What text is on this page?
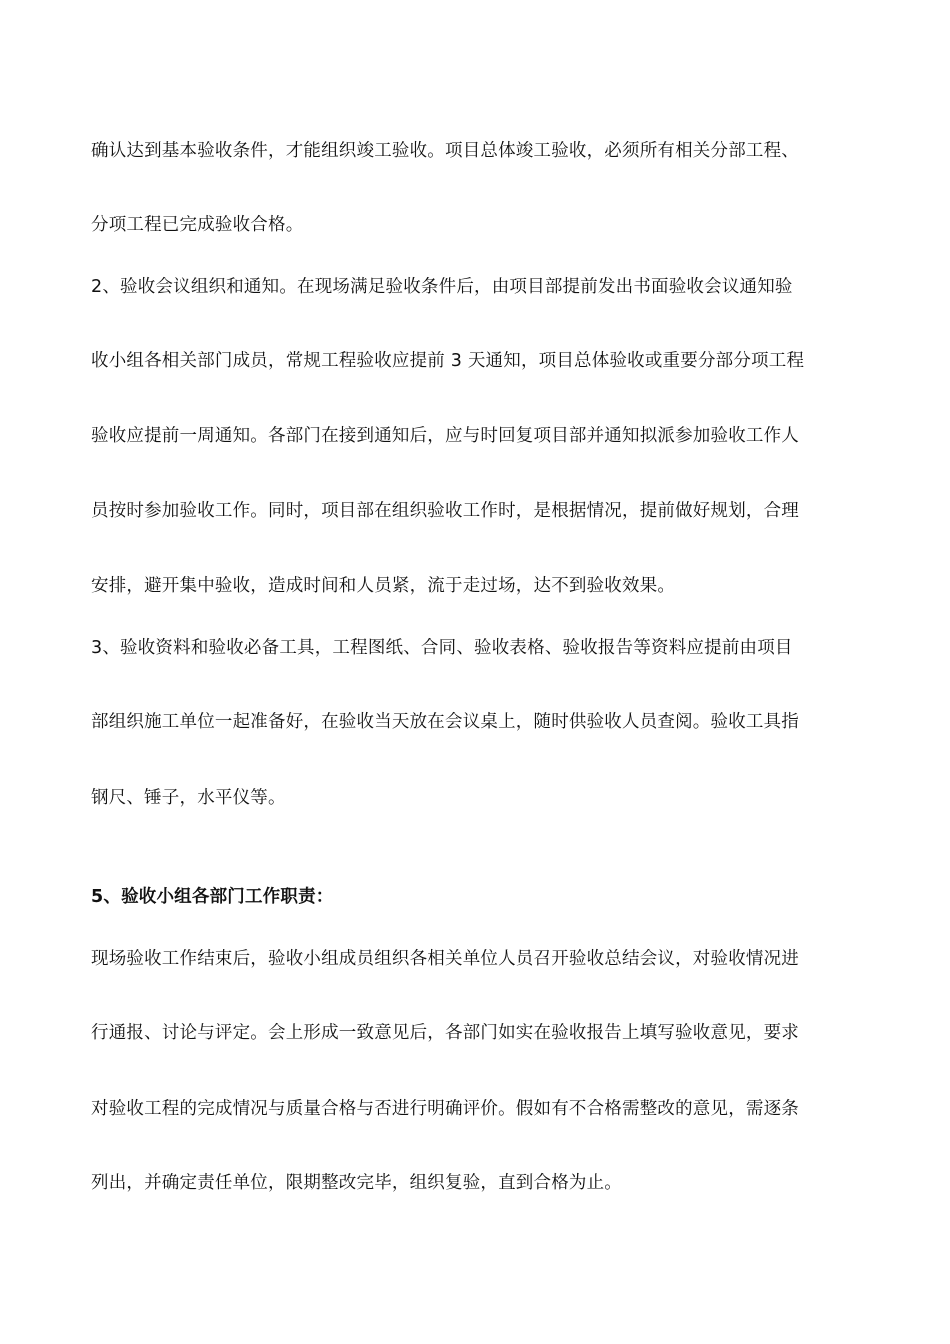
确认达到基本验收条件，才能组织竣工验收。项目总体竣工验收，必须所有相关分部工程、
分项工程已完成验收合格。
2、验收会议组织和通知。在现场满足验收条件后，由项目部提前发出书面验收会议通知验
收小组各相关部门成员，常规工程验收应提前 3 天通知，项目总体验收或重要分部分项工程
验收应提前一周通知。各部门在接到通知后，应与时回复项目部并通知拟派参加验收工作人
员按时参加验收工作。同时，项目部在组织验收工作时，是根据情况，提前做好规划，合理
安排，避开集中验收，造成时间和人员紧，流于走过场，达不到验收效果。
3、验收资料和验收必备工具，工程图纸、合同、验收表格、验收报告等资料应提前由项目
部组织施工单位一起准备好，在验收当天放在会议桌上，随时供验收人员查阅。验收工具指
钢尺、锤子，水平仪等。
5、验收小组各部门工作职责：
现场验收工作结束后，验收小组成员组织各相关单位人员召开验收总结会议，对验收情况进
行通报、讨论与评定。会上形成一致意见后，各部门如实在验收报告上填写验收意见，要求
对验收工程的完成情况与质量合格与否进行明确评价。假如有不合格需整改的意见，需逐条
列出，并确定责任单位，限期整改完毕，组织复验，直到合格为止。
